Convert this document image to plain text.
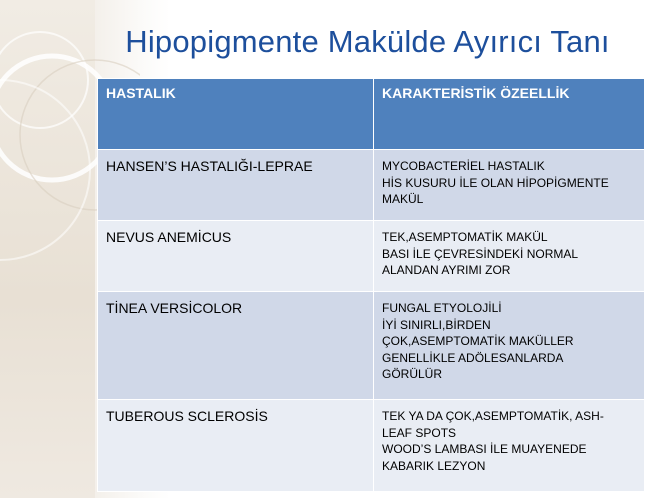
Hipopigmente Makülde Ayırıcı Tanı
HASTALIK	KARAKTERİSTİK ÖZEELLİK
HANSEN’S HASTALIĞI-LEPRAE	MYCOBACTERİEL HASTALIK
HİS KUSURU İLE OLAN HİPOPİGMENTE
MAKÜL

NEVUS ANEMİCUS	TEK,ASEMPTOMATİK MAKÜL
BASI İLE ÇEVRESİNDEKİ NORMAL
ALANDAN AYRIMI ZOR

TİNEA VERSİCOLOR	FUNGAL ETYOLOJİLİ
İYİ SINIRLI,BİRDEN
ÇOK,ASEMPTOMATİK MAKÜLLER
GENELLİKLE ADÖLESANLARDA
GÖRÜLÜR

TUBEROUS SCLEROSİS	TEK YA DA ÇOK,ASEMPTOMATİK, ASH-
LEAF SPOTS
WOOD’S LAMBASI İLE MUAYENEDE
KABARIK LEZYON
